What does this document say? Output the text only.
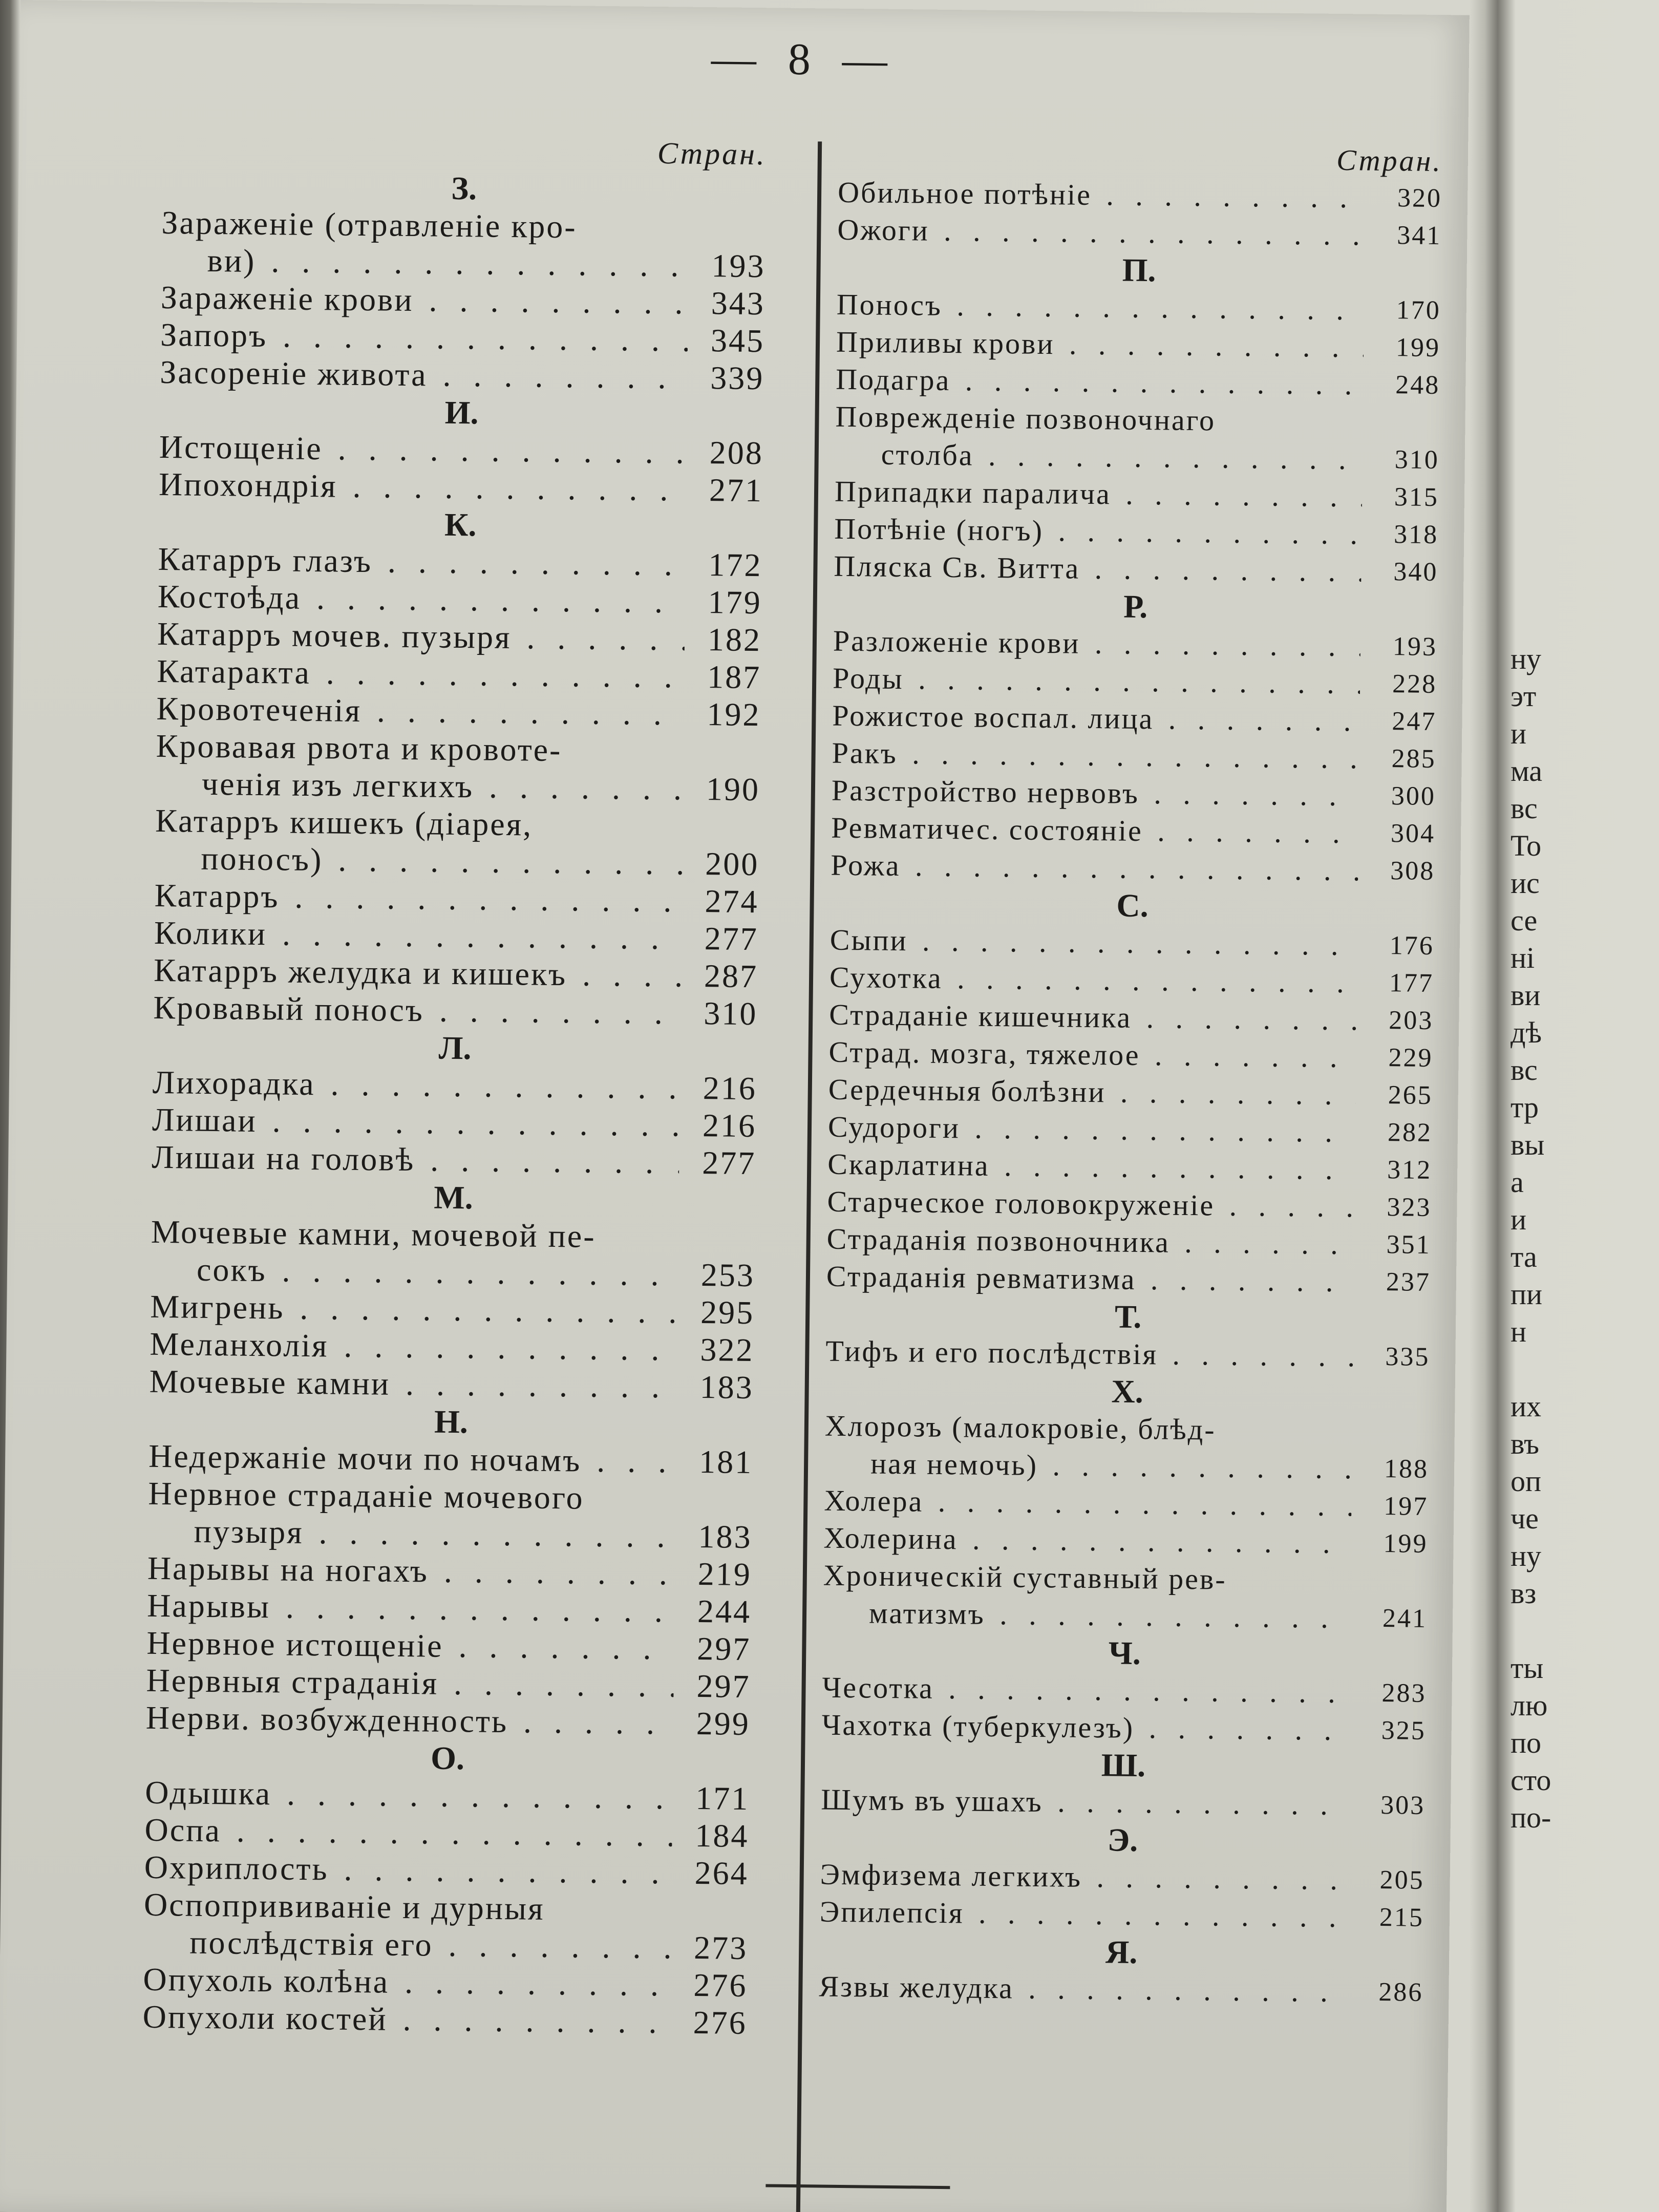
— 8 —
Стран.
З.
Зараженіе (отравленіе кро-
ви) . . .	193
Зараженіе крови . . .	343
Запоръ . . .	345
Засореніе живота . . .	339
И.
Истощеніе . . .	208
Ипохондрія . . .	271
К.
Катарръ глазъ . . .	172
Костоѣда . . .	179
Катарръ мочев. пузыря . . .	182
Катаракта . . .	187
Кровотеченія . . .	192
Кровавая рвота и кровоте-
ченія изъ легкихъ . . .	190
Катарръ кишекъ (діарея,
поносъ) . . .	200
Катарръ . . .	274
Колики . . .	277
Катарръ желудка и кишекъ . . .	287
Кровавый поносъ . . .	310
Л.
Лихорадка . . .	216
Лишаи . . .	216
Лишаи на головѣ . . .	277
М.
Мочевые камни, мочевой пе-
сокъ . . .	253
Мигрень . . .	295
Меланхолія . . .	322
Мочевые камни . . .	183
Н.
Недержаніе мочи по ночамъ . . .	181
Нервное страданіе мочевого
пузыря . . .	183
Нарывы на ногахъ . . .	219
Нарывы . . .	244
Нервное истощеніе . . .	297
Нервныя страданія . . .	297
Нерви. возбужденность . . .	299
О.
Одышка . . .	171
Оспа . . .	184
Охриплость . . .	264
Оспопрививаніе и дурныя
послѣдствія его . . .	273
Опухоль колѣна . . .	276
Опухоли костей . . .	276
Стран.
Обильное потѣніе . . .	320
Ожоги . . .	341
П.
Поносъ . . .	170
Приливы крови . . .	199
Подагра . . .	248
Поврежденіе позвоночнаго
столба . . .	310
Припадки паралича . . .	315
Потѣніе (ногъ) . . .	318
Пляска Св. Витта . . .	340
Р.
Разложеніе крови . . .	193
Роды . . .	228
Рожистое воспал. лица . . .	247
Ракъ . . .	285
Разстройство нервовъ . . .	300
Ревматичес. состояніе . . .	304
Рожа . . .	308
С.
Сыпи . . .	176
Сухотка . . .	177
Страданіе кишечника . . .	203
Страд. мозга, тяжелое . . .	229
Сердечныя болѣзни . . .	265
Судороги . . .	282
Скарлатина . . .	312
Старческое головокруженіе . . .	323
Страданія позвоночника . . .	351
Страданія ревматизма . . .	237
Т.
Тифъ и его послѣдствія . . .	335
Х.
Хлорозъ (малокровіе, блѣд-
ная немочь) . . .	188
Холера . . .	197
Холерина . . .	199
Хроническій суставный рев-
матизмъ . . .	241
Ч.
Чесотка . . .	283
Чахотка (туберкулезъ) . . .	325
Ш.
Шумъ въ ушахъ . . .	303
Э.
Эмфизема легкихъ . . .	205
Эпилепсія . . .	215
Я.
Язвы желудка . . .	286
ну
эт
и
ма
вс
То
ис
се
ні
ви
дѣ
вс
тр
вы
а
и
та
пи
н
их
въ
оп
че
ну
вз
ты
лю
по
сто
по-
